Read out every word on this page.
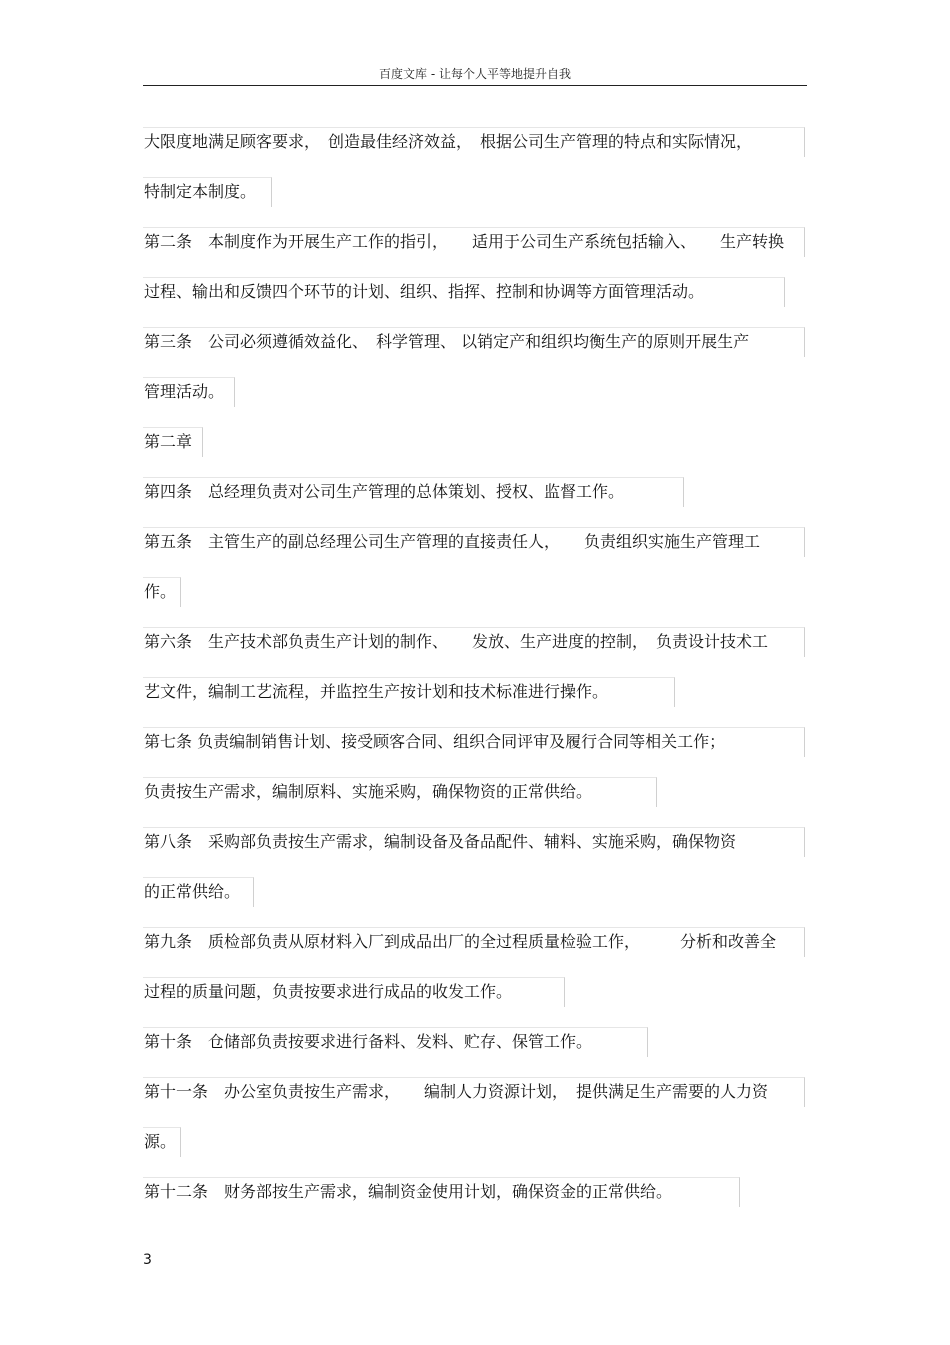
百度文库 - 让每个人平等地提升自我
大限度地满足顾客要求，　创造最佳经济效益，　根据公司生产管理的特点和实际情况，
特制定本制度。
第二条　本制度作为开展生产工作的指引，　　适用于公司生产系统包括输入、　　生产转换
过程、输出和反馈四个环节的计划、组织、指挥、控制和协调等方面管理活动。
第三条　公司必须遵循效益化、　科学管理、 以销定产和组织均衡生产的原则开展生产
管理活动。
第二章
第四条　总经理负责对公司生产管理的总体策划、授权、监督工作。
第五条　主管生产的副总经理公司生产管理的直接责任人，　　负责组织实施生产管理工
作。
第六条　生产技术部负责生产计划的制作、　　发放、生产进度的控制，　负责设计技术工
艺文件，编制工艺流程，并监控生产按计划和技术标准进行操作。
第七条 负责编制销售计划、接受顾客合同、组织合同评审及履行合同等相关工作；
负责按生产需求，编制原料、实施采购，确保物资的正常供给。
第八条　采购部负责按生产需求，编制设备及备品配件、辅料、实施采购，确保物资
的正常供给。
第九条　质检部负责从原材料入厂到成品出厂的全过程质量检验工作，　　　分析和改善全
过程的质量问题，负责按要求进行成品的收发工作。
第十条　仓储部负责按要求进行备料、发料、贮存、保管工作。
第十一条　办公室负责按生产需求，　　编制人力资源计划，　提供满足生产需要的人力资
源。
第十二条　财务部按生产需求，编制资金使用计划，确保资金的正常供给。
3
